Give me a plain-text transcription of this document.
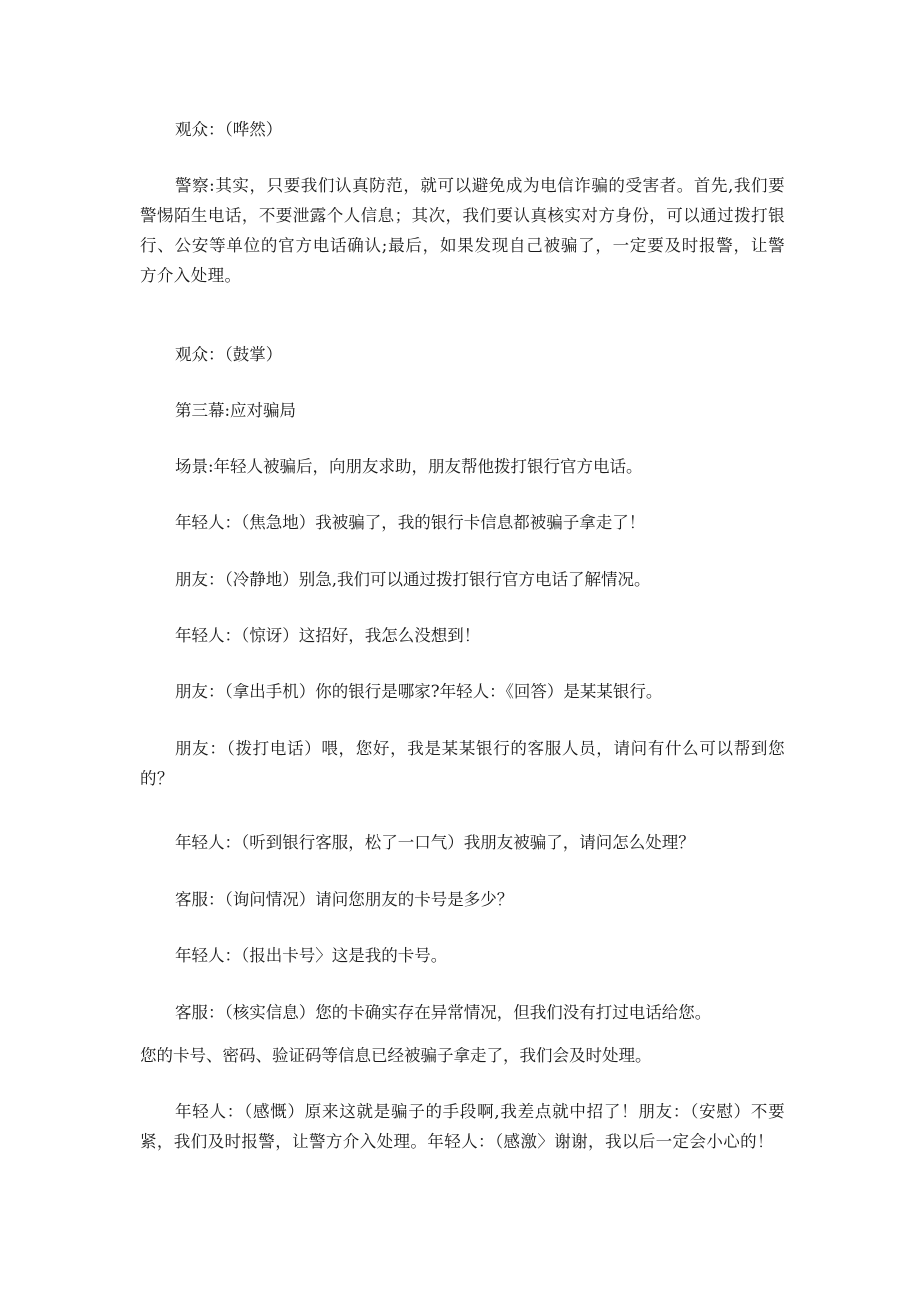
观众：（哗然）
警察:其实，只要我们认真防范，就可以避免成为电信诈骗的受害者。首先,我们要警惕陌生电话，不要泄露个人信息；其次，我们要认真核实对方身份，可以通过拨打银行、公安等单位的官方电话确认;最后，如果发现自己被骗了，一定要及时报警，让警方介入处理。
观众：（鼓掌）
第三幕:应对骗局
场景:年轻人被骗后，向朋友求助，朋友帮他拨打银行官方电话。
年轻人：（焦急地）我被骗了，我的银行卡信息都被骗子拿走了！
朋友：（冷静地）别急,我们可以通过拨打银行官方电话了解情况。
年轻人：（惊讶）这招好，我怎么没想到！
朋友：（拿出手机）你的银行是哪家?年轻人：《回答）是某某银行。
朋友：（拨打电话）喂，您好，我是某某银行的客服人员，请问有什么可以帮到您的？
年轻人：（听到银行客服，松了一口气）我朋友被骗了，请问怎么处理？
客服：（询问情况）请问您朋友的卡号是多少？
年轻人：（报出卡号〉这是我的卡号。
客服：（核实信息）您的卡确实存在异常情况，但我们没有打过电话给您。
您的卡号、密码、验证码等信息已经被骗子拿走了，我们会及时处理。
年轻人：（感慨）原来这就是骗子的手段啊,我差点就中招了！朋友：（安慰）不要紧，我们及时报警，让警方介入处理。年轻人：（感激〉谢谢，我以后一定会小心的！
